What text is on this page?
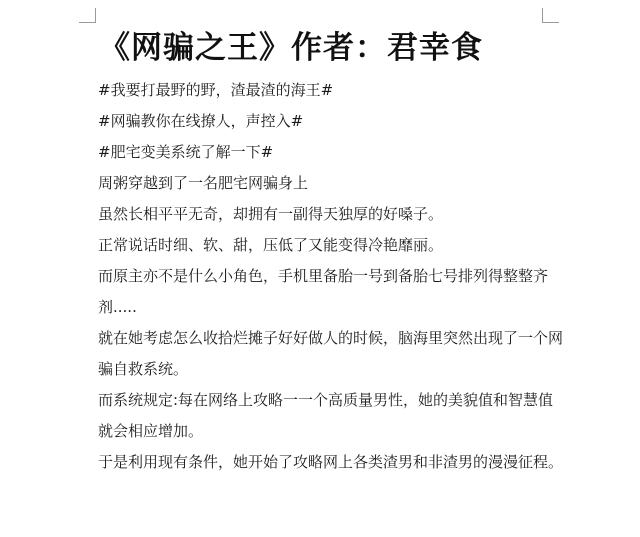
《网骗之王》作者：君幸食

#我要打最野的野，渣最渣的海王#

#网骗教你在线撩人，声控入#

#肥宅变美系统了解一下#

周粥穿越到了一名肥宅网骗身上

虽然长相平平无奇，却拥有一副得天独厚的好嗓子。

正常说话时细、软、甜，压低了又能变得冷艳靡丽。

而原主亦不是什么小角色，手机里备胎一号到备胎七号排列得整整齐剂.....

就在她考虑怎么收拾烂摊子好好做人的时候，脑海里突然出现了一个网骗自救系统。

而系统规定:每在网络上攻略一一个高质量男性，她的美貌值和智慧值就会相应增加。

于是利用现有条件，她开始了攻略网上各类渣男和非渣男的漫漫征程。
